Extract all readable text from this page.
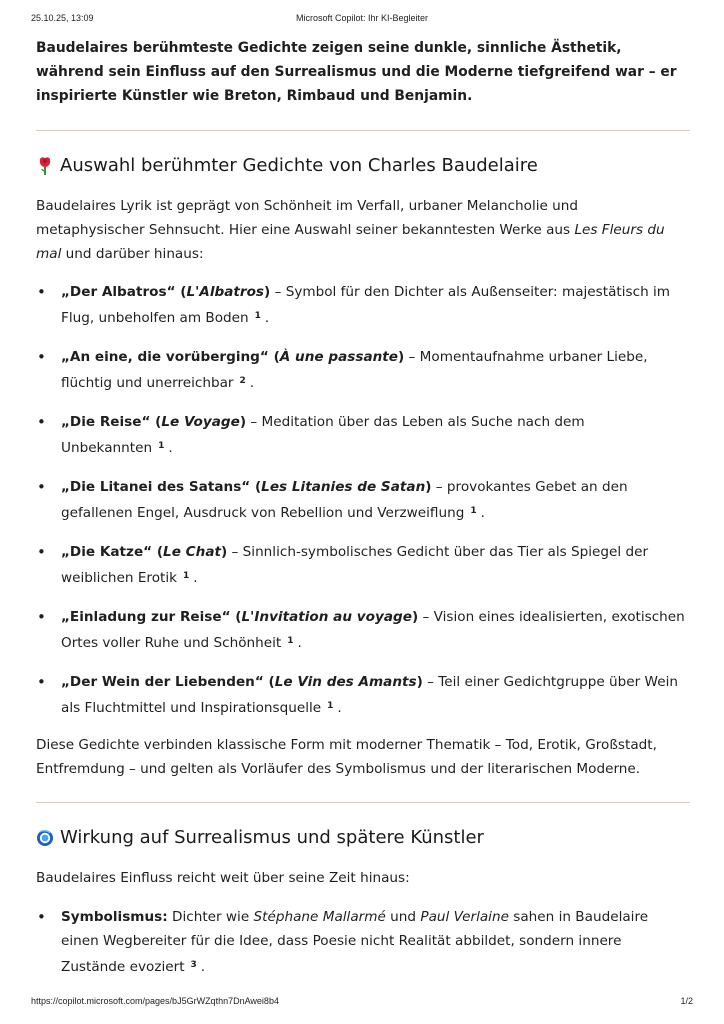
25.10.25, 13:09	Microsoft Copilot: Ihr KI-Begleiter

Baudelaires berühmteste Gedichte zeigen seine dunkle, sinnliche Ästhetik, während sein Einfluss auf den Surrealismus und die Moderne tiefgreifend war – er inspirierte Künstler wie Breton, Rimbaud und Benjamin.

Auswahl berühmter Gedichte von Charles Baudelaire

Baudelaires Lyrik ist geprägt von Schönheit im Verfall, urbaner Melancholie und metaphysischer Sehnsucht. Hier eine Auswahl seiner bekanntesten Werke aus Les Fleurs du mal und darüber hinaus:

• „Der Albatros“ (L'Albatros) – Symbol für den Dichter als Außenseiter: majestätisch im Flug, unbeholfen am Boden $^1$ .
• „An eine, die vorüberging“ (À une passante) – Momentaufnahme urbaner Liebe, flüchtig und unerreichbar $^2$ .
• „Die Reise“ (Le Voyage) – Meditation über das Leben als Suche nach dem Unbekannten $^1$ .
• „Die Litanei des Satans“ (Les Litanies de Satan) – provokantes Gebet an den gefallenen Engel, Ausdruck von Rebellion und Verzweiflung $^1$ .
• „Die Katze“ (Le Chat) – Sinnlich-symbolisches Gedicht über das Tier als Spiegel der weiblichen Erotik $^1$ .
• „Einladung zur Reise“ (L'Invitation au voyage) – Vision eines idealisierten, exotischen Ortes voller Ruhe und Schönheit $^1$ .
• „Der Wein der Liebenden“ (Le Vin des Amants) – Teil einer Gedichtgruppe über Wein als Fluchtmittel und Inspirationsquelle $^1$ .

Diese Gedichte verbinden klassische Form mit moderner Thematik – Tod, Erotik, Großstadt, Entfremdung – und gelten als Vorläufer des Symbolismus und der literarischen Moderne.

Wirkung auf Surrealismus und spätere Künstler

Baudelaires Einfluss reicht weit über seine Zeit hinaus:

• Symbolismus: Dichter wie Stéphane Mallarmé und Paul Verlaine sahen in Baudelaire einen Wegbereiter für die Idee, dass Poesie nicht Realität abbildet, sondern innere Zustände evoziert $^3$ .
https://copilot.microsoft.com/pages/bJ5GrWZqthn7DnAwei8b4	1/2
